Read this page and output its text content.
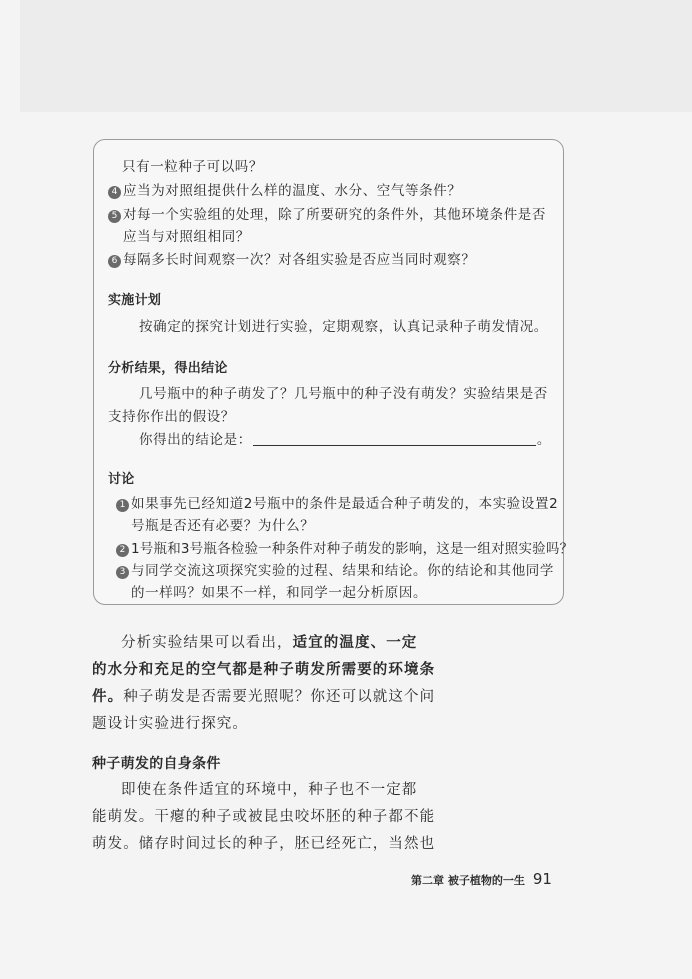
只有一粒种子可以吗？
4 应当为对照组提供什么样的温度、水分、空气等条件？
5 对每一个实验组的处理，除了所要研究的条件外，其他环境条件是否
应当与对照组相同？
6 每隔多长时间观察一次？对各组实验是否应当同时观察？
实施计划
按确定的探究计划进行实验，定期观察，认真记录种子萌发情况。
分析结果，得出结论
几号瓶中的种子萌发了？几号瓶中的种子没有萌发？实验结果是否
支持你作出的假设？
你得出的结论是：	。
讨论
1 如果事先已经知道2号瓶中的条件是最适合种子萌发的，本实验设置2
号瓶是否还有必要？为什么？
2 1号瓶和3号瓶各检验一种条件对种子萌发的影响，这是一组对照实验吗？
3 与同学交流这项探究实验的过程、结果和结论。你的结论和其他同学
的一样吗？如果不一样，和同学一起分析原因。
分析实验结果可以看出，适宜的温度、一定
的水分和充足的空气都是种子萌发所需要的环境条
件。种子萌发是否需要光照呢？你还可以就这个问
题设计实验进行探究。
种子萌发的自身条件
即使在条件适宜的环境中，种子也不一定都
能萌发。干瘪的种子或被昆虫咬坏胚的种子都不能
萌发。储存时间过长的种子，胚已经死亡，当然也
第二章 被子植物的一生 91
